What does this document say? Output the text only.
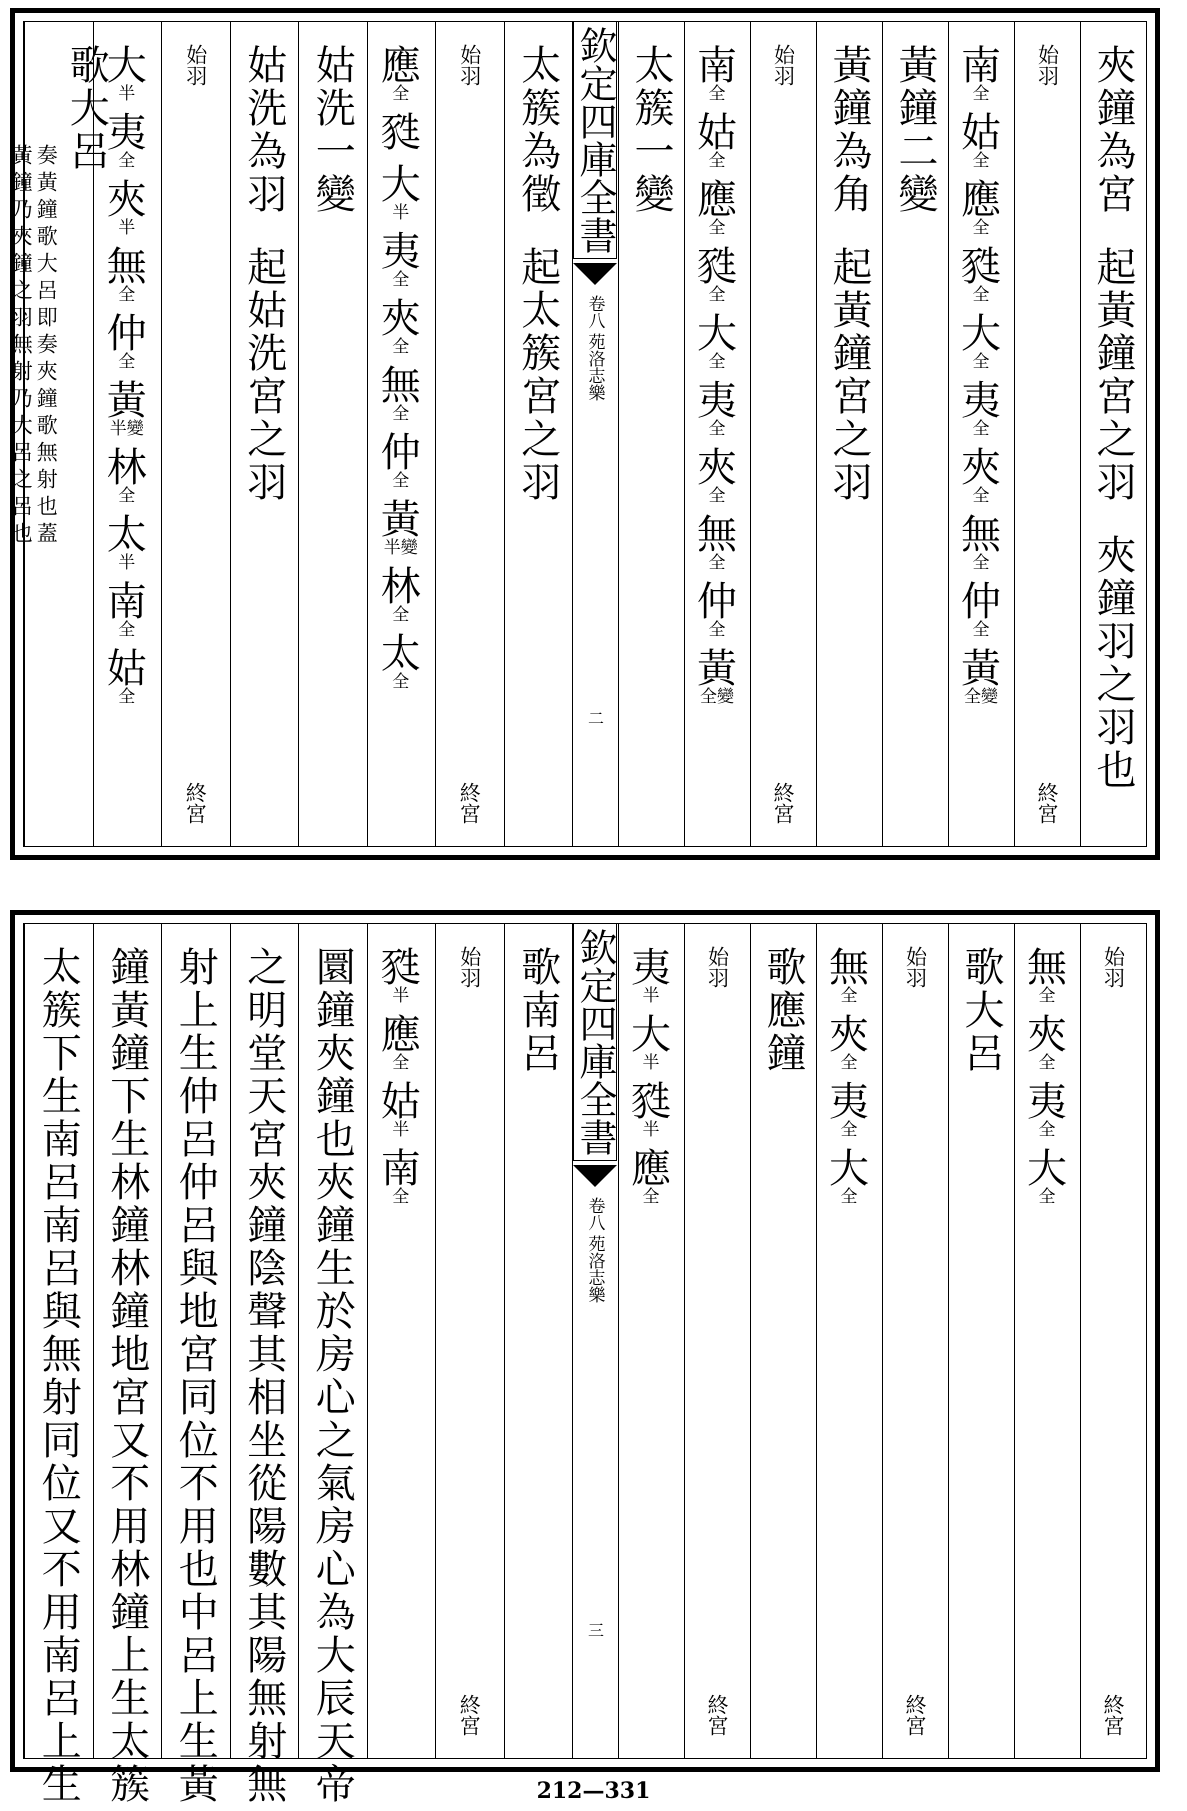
夾鐘為宮
起黃鐘宮之羽
夾鐘羽之羽也
始羽
終宮
南
全
姑
全
應
全
甤
全
大
全
夷
全
夾
全
無
全
仲
全
黃
全變
黃鐘二變
黃鐘為角
起黃鐘宮之羽
始羽
終宮
南
全
姑
全
應
全
甤
全
大
全
夷
全
夾
全
無
全
仲
全
黃
全變
太簇一變
欽定四庫全書
苑洛志樂
卷八
二
太簇為徵
起太簇宮之羽
始羽
終宮
應
全
甤
大
半
夷
全
夾
全
無
全
仲
全
黃
半變
林
全
太
全
姑洗一變
姑洗為羽
起姑洗宮之羽
始羽
終宮
大
半
夷
全
夾
半
無
全
仲
全
黃
半變
林
全
太
半
南
全
姑
全
歌大呂
奏黃鐘歌大呂即奏夾鐘歌無射也蓋
黃鐘乃夾鐘之羽無射乃大呂之呂也
始羽
終宮
無
全
夾
全
夷
全
大
全
歌大呂
始羽
終宮
無
全
夾
全
夷
全
大
全
歌應鐘
始羽
終宮
夷
半
大
半
甤
半
應
全
欽定四庫全書
苑洛志樂
卷八
三
歌南呂
始羽
終宮
甤
半
應
全
姑
半
南
全
圜鐘夾鐘也夾鐘生於房心之氣房心為大辰天帝
之明堂天宮夾鐘陰聲其相坐從陽數其陽無射無
射上生仲呂仲呂與地宮同位不用也中呂上生黃
鐘黃鐘下生林鐘林鐘地宮又不用林鐘上生太簇
太簇下生南呂南呂與無射同位又不用南呂上生	212—331
